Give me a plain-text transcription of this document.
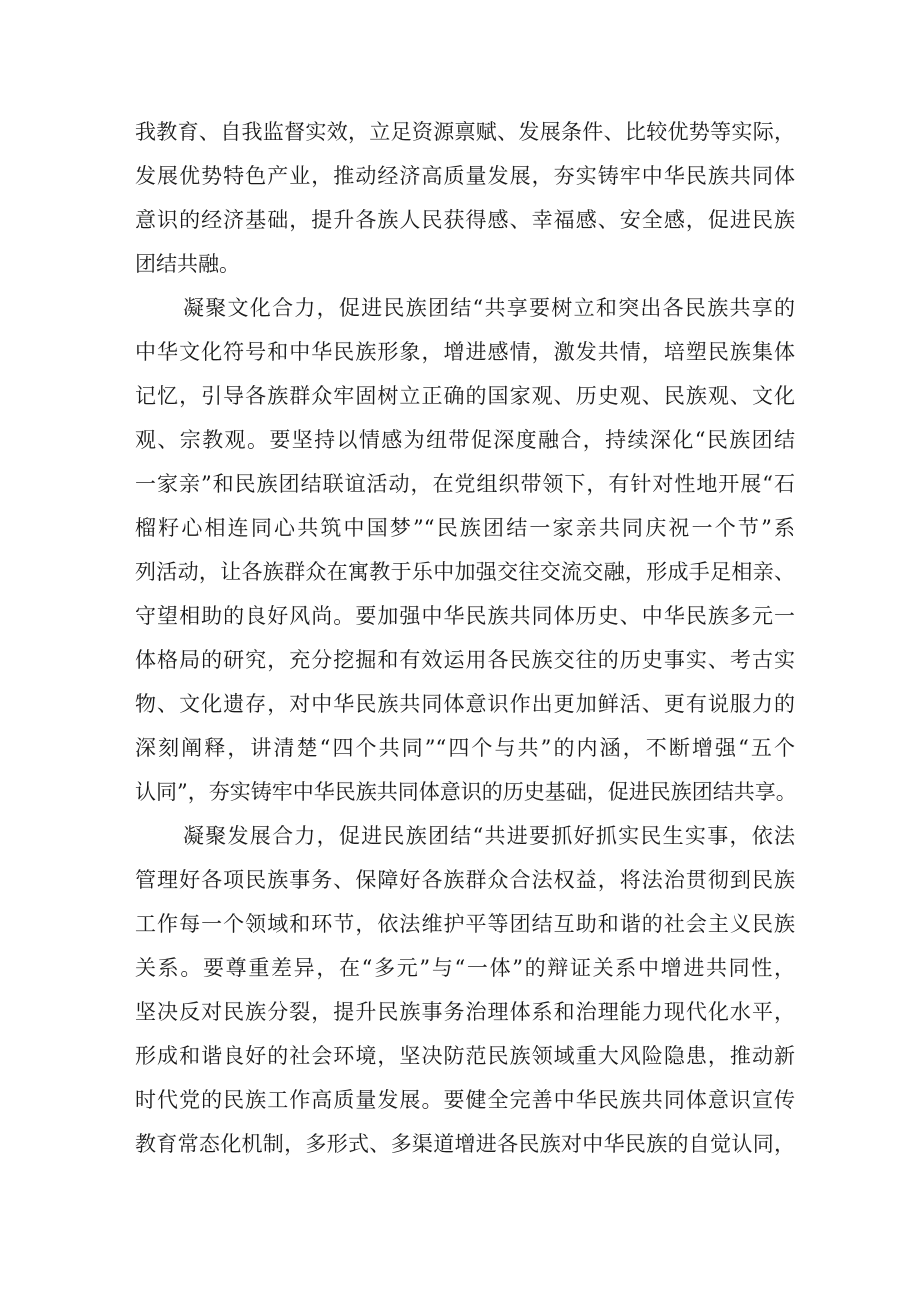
我教育、自我监督实效，立足资源禀赋、发展条件、比较优势等实际，
发展优势特色产业，推动经济高质量发展，夯实铸牢中华民族共同体
意识的经济基础，提升各族人民获得感、幸福感、安全感，促进民族
团结共融。
凝聚文化合力，促进民族团结“共享要树立和突出各民族共享的
中华文化符号和中华民族形象，增进感情，激发共情，培塑民族集体
记忆，引导各族群众牢固树立正确的国家观、历史观、民族观、文化
观、宗教观。要坚持以情感为纽带促深度融合，持续深化“民族团结
一家亲”和民族团结联谊活动，在党组织带领下，有针对性地开展“石
榴籽心相连同心共筑中国梦”“民族团结一家亲共同庆祝一个节”系
列活动，让各族群众在寓教于乐中加强交往交流交融，形成手足相亲、
守望相助的良好风尚。要加强中华民族共同体历史、中华民族多元一
体格局的研究，充分挖掘和有效运用各民族交往的历史事实、考古实
物、文化遗存，对中华民族共同体意识作出更加鲜活、更有说服力的
深刻阐释，讲清楚“四个共同”“四个与共”的内涵，不断增强“五个
认同”，夯实铸牢中华民族共同体意识的历史基础，促进民族团结共享。
凝聚发展合力，促进民族团结“共进要抓好抓实民生实事，依法
管理好各项民族事务、保障好各族群众合法权益，将法治贯彻到民族
工作每一个领域和环节，依法维护平等团结互助和谐的社会主义民族
关系。要尊重差异，在“多元”与“一体”的辩证关系中增进共同性，
坚决反对民族分裂，提升民族事务治理体系和治理能力现代化水平，
形成和谐良好的社会环境，坚决防范民族领域重大风险隐患，推动新
时代党的民族工作高质量发展。要健全完善中华民族共同体意识宣传
教育常态化机制，多形式、多渠道增进各民族对中华民族的自觉认同，
